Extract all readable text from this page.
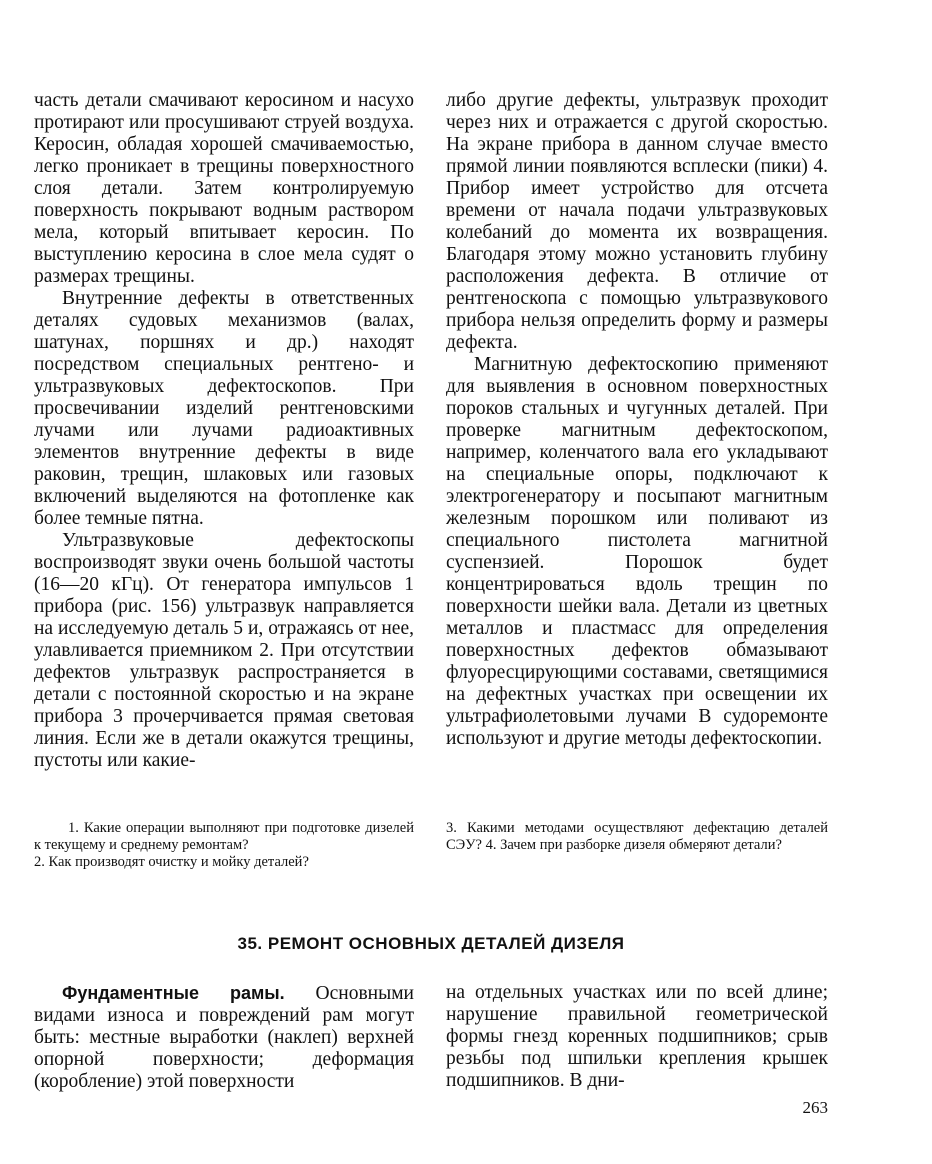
часть детали смачивают керосином и насухо протирают или просушивают струей воздуха. Керосин, обладая хорошей смачиваемостью, легко проникает в трещины поверхностного слоя детали. Затем контролируемую поверхность покрывают водным раствором мела, который впитывает керосин. По выступлению керосина в слое мела судят о размерах трещины.

Внутренние дефекты в ответственных деталях судовых механизмов (валах, шатунах, поршнях и др.) находят посредством специальных рентгено- и ультразвуковых дефектоскопов. При просвечивании изделий рентгеновскими лучами или лучами радиоактивных элементов внутренние дефекты в виде раковин, трещин, шлаковых или газовых включений выделяются на фотопленке как более темные пятна.

Ультразвуковые дефектоскопы воспроизводят звуки очень большой частоты (16—20 кГц). От генератора импульсов 1 прибора (рис. 156) ультразвук направляется на исследуемую деталь 5 и, отражаясь от нее, улавливается приемником 2. При отсутствии дефектов ультразвук распространяется в детали с постоянной скоростью и на экране прибора 3 прочерчивается прямая световая линия. Если же в детали окажутся трещины, пустоты или какие-

либо другие дефекты, ультразвук проходит через них и отражается с другой скоростью. На экране прибора в данном случае вместо прямой линии появляются всплески (пики) 4. Прибор имеет устройство для отсчета времени от начала подачи ультразвуковых колебаний до момента их возвращения. Благодаря этому можно установить глубину расположения дефекта. В отличие от рентгеноскопа с помощью ультразвукового прибора нельзя определить форму и размеры дефекта.

Магнитную дефектоскопию применяют для выявления в основном поверхностных пороков стальных и чугунных деталей. При проверке магнитным дефектоскопом, например, коленчатого вала его укладывают на специальные опоры, подключают к электрогенератору и посыпают магнитным железным порошком или поливают из специального пистолета магнитной суспензией. Порошок будет концентрироваться вдоль трещин по поверхности шейки вала. Детали из цветных металлов и пластмасс для определения поверхностных дефектов обмазывают флуоресцирующими составами, светящимися на дефектных участках при освещении их ультрафиолетовыми лучами В судоремонте используют и другие методы дефектоскопии.

1. Какие операции выполняют при подготовке дизелей к текущему и среднему ремонтам?

2. Как производят очистку и мойку деталей?

3. Какими методами осуществляют дефектацию деталей СЭУ? 4. Зачем при разборке дизеля обмеряют детали?

35. РЕМОНТ ОСНОВНЫХ ДЕТАЛЕЙ ДИЗЕЛЯ

Фундаментные рамы. Основными видами износа и повреждений рам могут быть: местные выработки (наклеп) верхней опорной поверхности; деформация (коробление) этой поверхности

на отдельных участках или по всей длине; нарушение правильной геометрической формы гнезд коренных подшипников; срыв резьбы под шпильки крепления крышек подшипников. В дни-

263
